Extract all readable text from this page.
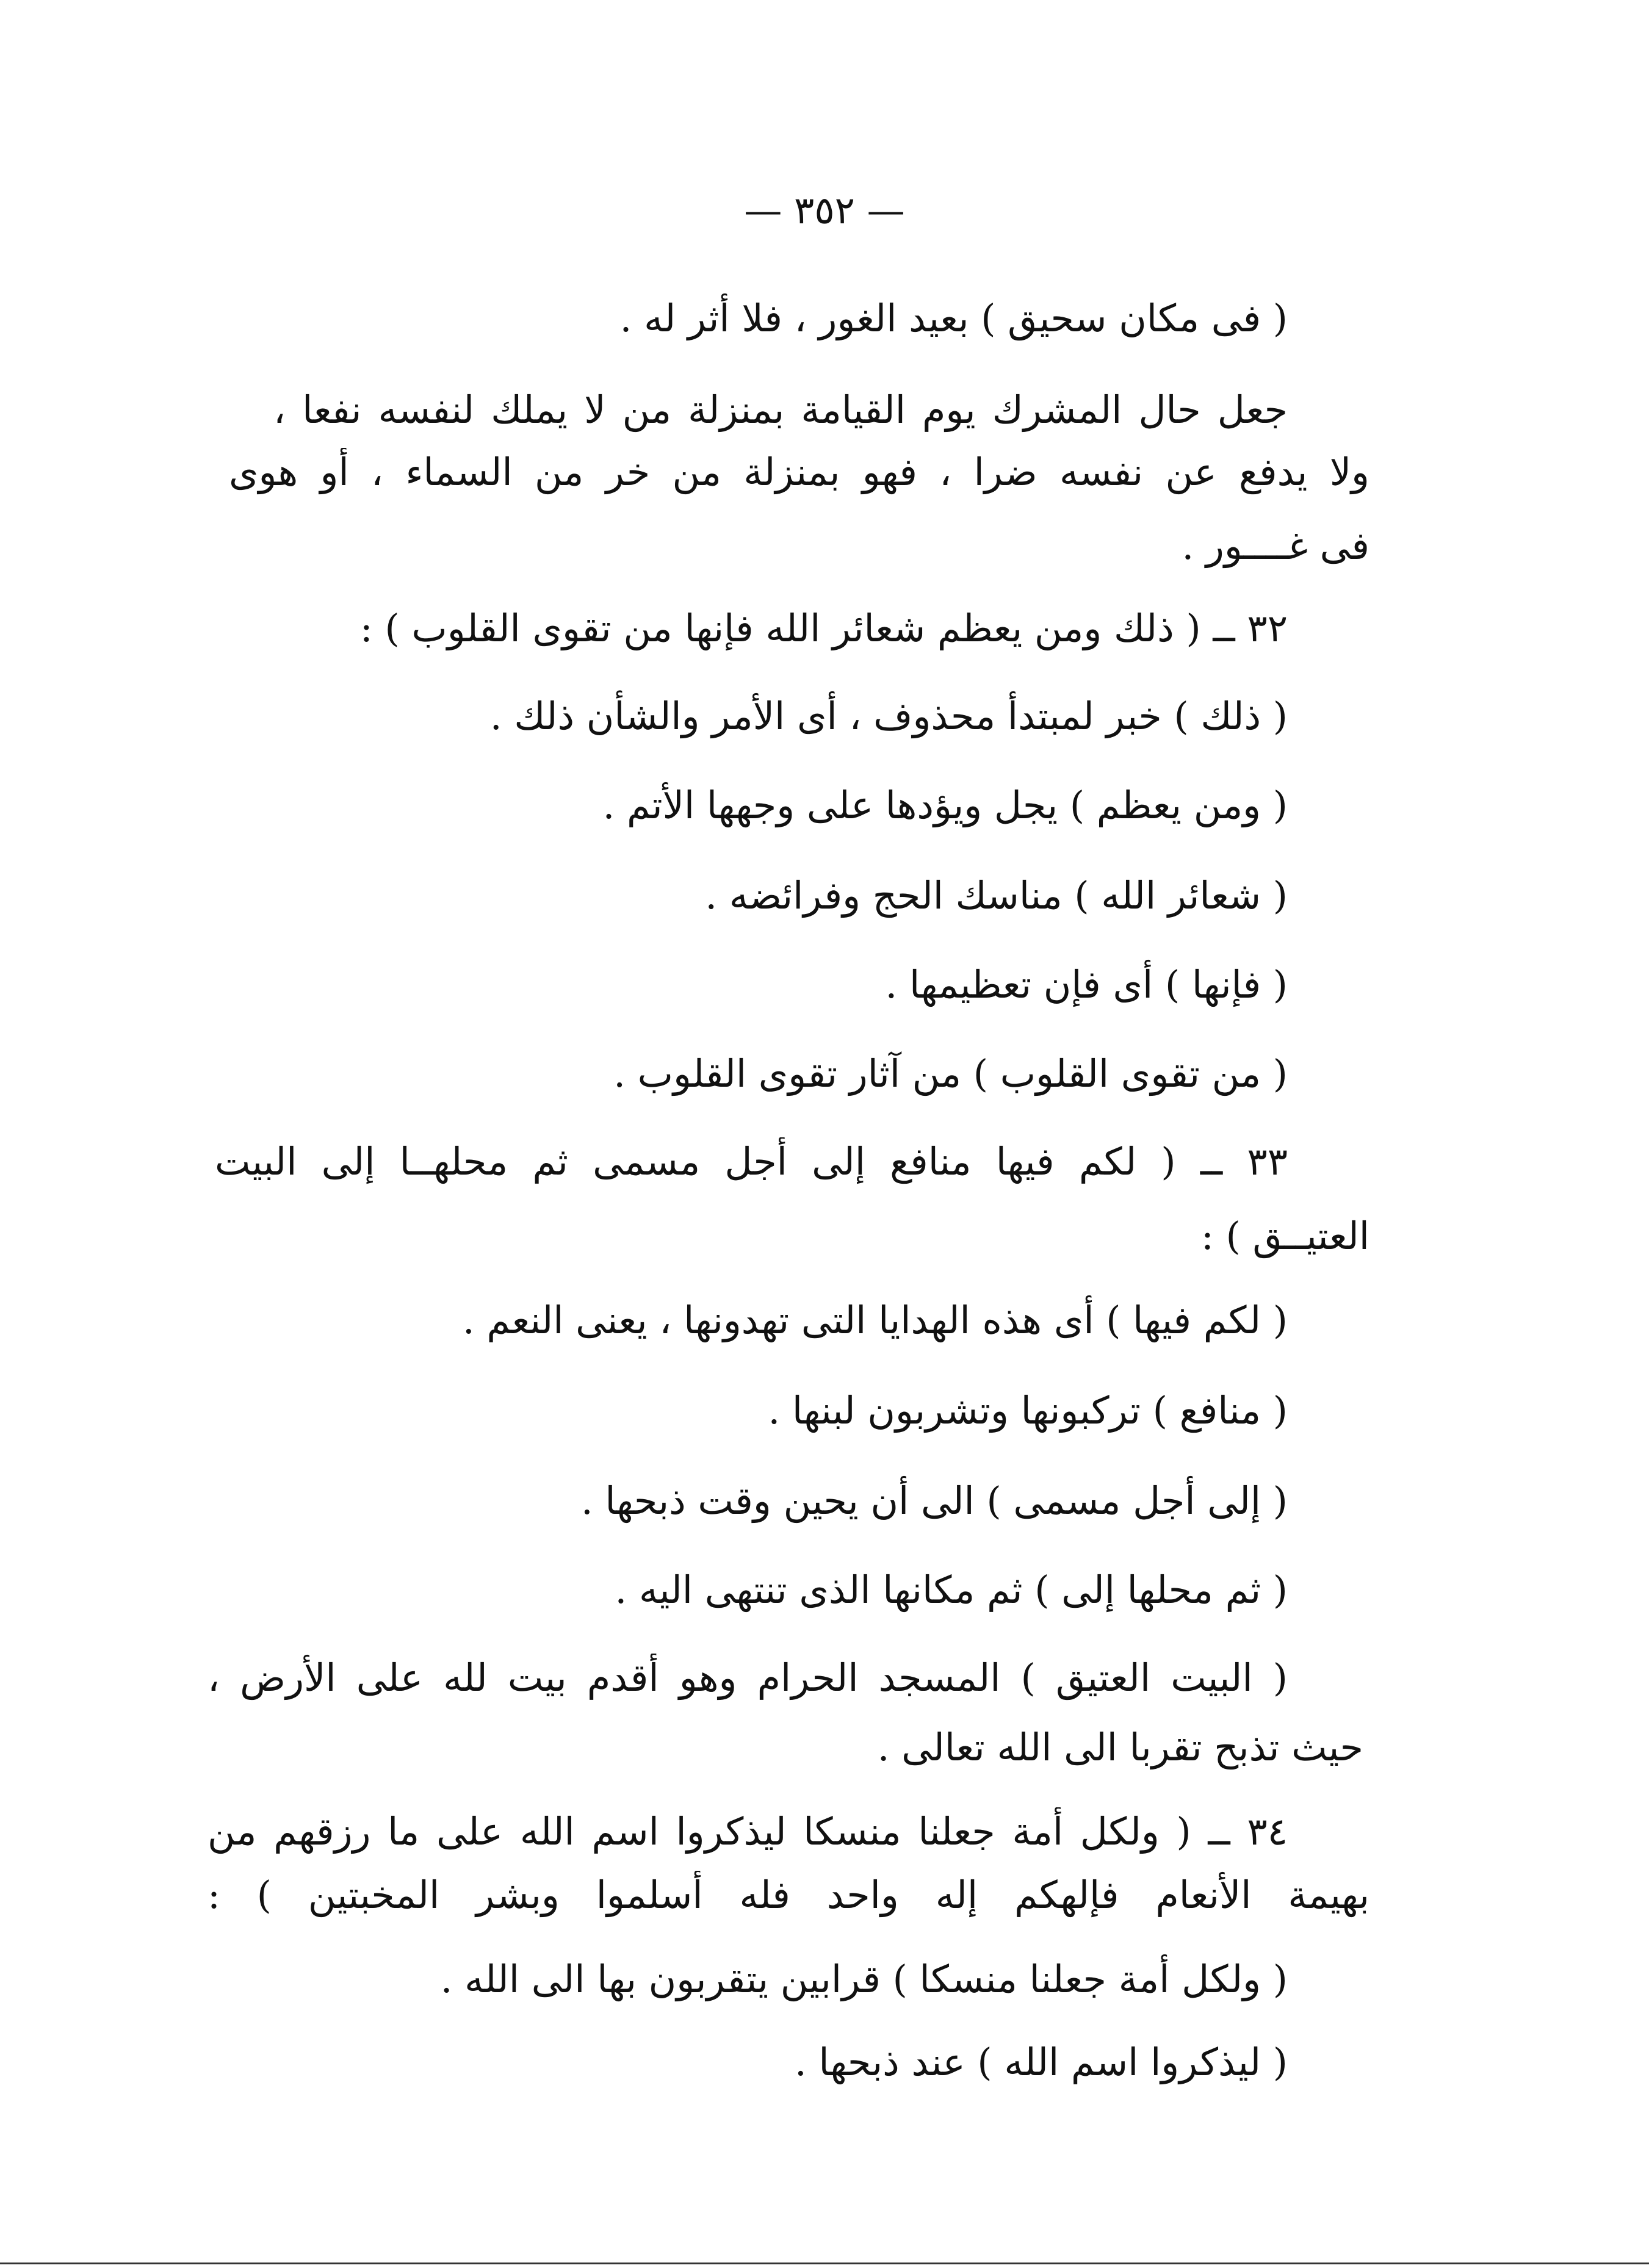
— ٣٥٢ —
( فى مكان سحيق ) بعيد الغور ، فلا أثر له .
جعل حال المشرك يوم القيامة بمنزلة من لا يملك لنفسه نفعا ،
ولا يدفع عن نفسه ضرا ، فهو بمنزلة من خر من السماء ، أو هوى
فى غــــور .
٣٢ ــ ( ذلك ومن يعظم شعائر الله فإنها من تقوى القلوب ) :
( ذلك ) خبر لمبتدأ محذوف ، أى الأمر والشأن ذلك .
( ومن يعظم ) يجل ويؤدها على وجهها الأتم .
( شعائر الله ) مناسك الحج وفرائضه .
( فإنها ) أى فإن تعظيمها .
( من تقوى القلوب ) من آثار تقوى القلوب .
٣٣ ــ ( لكم فيها منافع إلى أجل مسمى ثم محلهــا إلى البيت
العتيــق ) :
( لكم فيها ) أى هذه الهدايا التى تهدونها ، يعنى النعم .
( منافع ) تركبونها وتشربون لبنها .
( إلى أجل مسمى ) الى أن يحين وقت ذبحها .
( ثم محلها إلى ) ثم مكانها الذى تنتهى اليه .
( البيت العتيق ) المسجد الحرام وهو أقدم بيت لله على الأرض ،
حيث تذبح تقربا الى الله تعالى .
٣٤ ــ ( ولكل أمة جعلنا منسكا ليذكروا اسم الله على ما رزقهم من
بهيمة الأنعام فإلهكم إله واحد فله أسلموا وبشر المخبتين ) :
( ولكل أمة جعلنا منسكا ) قرابين يتقربون بها الى الله .
( ليذكروا اسم الله ) عند ذبحها .
